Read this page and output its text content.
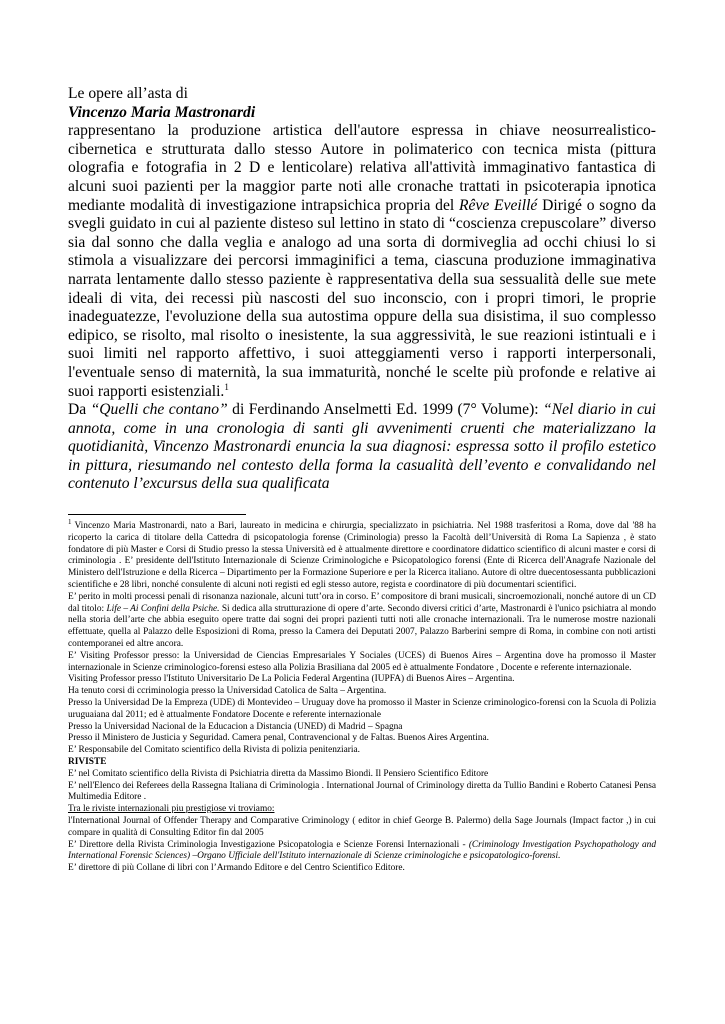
Le opere all’asta di

Vincenzo Maria Mastronardi

rappresentano la produzione artistica dell'autore espressa in chiave neosurrealistico-cibernetica e strutturata dallo stesso Autore in polimaterico con tecnica mista (pittura olografia e fotografia in 2 D e lenticolare) relativa all'attività immaginativo fantastica di alcuni suoi pazienti per la maggior parte noti alle cronache trattati in psicoterapia ipnotica mediante modalità di investigazione intrapsichica propria del Rêve Eveillé Dirigé o sogno da svegli guidato in cui al paziente disteso sul lettino in stato di “coscienza crepuscolare” diverso sia dal sonno che dalla veglia e analogo ad una sorta di dormiveglia ad occhi chiusi lo si stimola a visualizzare dei percorsi immaginifici a tema, ciascuna produzione immaginativa narrata lentamente dallo stesso paziente è rappresentativa della sua sessualità delle sue mete ideali di vita, dei recessi più nascosti del suo inconscio, con i propri timori, le proprie inadeguatezze, l'evoluzione della sua autostima oppure della sua disistima, il suo complesso edipico, se risolto, mal risolto o inesistente, la sua aggressività, le sue reazioni istintuali e i suoi limiti nel rapporto affettivo, i suoi atteggiamenti verso i rapporti interpersonali, l'eventuale senso di maternità, la sua immaturità, nonché le scelte più profonde e relative ai suoi rapporti esistenziali.$^1$

Da “Quelli che contano” di Ferdinando Anselmetti Ed. 1999 (7° Volume): “Nel diario in cui annota, come in una cronologia di santi gli avvenimenti cruenti che materializzano la quotidianità, Vincenzo Mastronardi enuncia la sua diagnosi: espressa sotto il profilo estetico in pittura, riesumando nel contesto della forma la casualità dell’evento e convalidando nel contenuto l’excursus della sua qualificata

$^1$ Vincenzo Maria Mastronardi, nato a Bari, laureato in medicina e chirurgia, specializzato in psichiatria. Nel 1988 trasferitosi a Roma, dove dal '88 ha ricoperto la carica di titolare della Cattedra di psicopatologia forense (Criminologia) presso la Facoltà dell’Università di Roma La Sapienza , è stato fondatore di più Master e Corsi di Studio presso la stessa Università ed è attualmente direttore e coordinatore didattico scientifico di alcuni master e corsi di criminologia . E’ presidente dell'Istituto Internazionale di Scienze Criminologiche e Psicopatologico forensi (Ente di Ricerca dell'Anagrafe Nazionale del Ministero dell'Istruzione e della Ricerca – Dipartimento per la Formazione Superiore e per la Ricerca italiano. Autore di oltre duecentosessanta pubblicazioni scientifiche e 28 libri, nonché consulente di alcuni noti registi ed egli stesso autore, regista e coordinatore di più documentari scientifici.

E’ perito in molti processi penali di risonanza nazionale, alcuni tutt’ora in corso. E’ compositore di brani musicali, sincroemozionali, nonché autore di un CD dal titolo: Life – Ai Confini della Psiche. Si dedica alla strutturazione di opere d’arte. Secondo diversi critici d’arte, Mastronardi è l'unico psichiatra al mondo nella storia dell’arte che abbia eseguito opere tratte dai sogni dei propri pazienti tutti noti alle cronache internazionali. Tra le numerose mostre nazionali effettuate, quella al Palazzo delle Esposizioni di Roma, presso la Camera dei Deputati 2007, Palazzo Barberini sempre di Roma, in combine con noti artisti contemporanei ed altre ancora.

E’ Visiting Professor presso: la Universidad de Ciencias Empresariales Y Sociales (UCES) di Buenos Aires – Argentina dove ha promosso il Master internazionale in Scienze criminologico-forensi esteso alla Polizia Brasiliana dal 2005 ed è attualmente Fondatore , Docente e referente internazionale.

Visiting Professor presso l'Istituto Universitario De La Policia Federal Argentina (IUPFA) di Buenos Aires – Argentina.

Ha tenuto corsi di ccriminologia presso la Universidad Catolica de Salta – Argentina.

Presso la Universidad De la Empreza (UDE) di Montevideo – Uruguay dove ha promosso il Master in Scienze criminologico-forensi con la Scuola di Polizia uruguaiana dal 2011; ed è attualmente Fondatore Docente e referente internazionale

Presso la Universidad Nacional de la Educacion a Distancia (UNED) di Madrid – Spagna

Presso il Ministero de Justicia y Seguridad. Camera penal, Contravencional y de Faltas. Buenos Aires Argentina.

E’ Responsabile del Comitato scientifico della Rivista di polizia penitenziaria.

RIVISTE

E’ nel Comitato scientifico della Rivista di Psichiatria diretta da Massimo Biondi. Il Pensiero Scientifico Editore

E’ nell'Elenco dei Referees della Rassegna Italiana di Criminologia . International Journal of Criminology diretta da Tullio Bandini e Roberto Catanesi Pensa Multimedia Editore .

Tra le riviste internazionali piu prestigiose vi troviamo:

l'International Journal of Offender Therapy and Comparative Criminology ( editor in chief George B. Palermo) della Sage Journals (Impact factor ,) in cui compare in qualità di Consulting Editor fin dal 2005

E’ Direttore della Rivista Criminologia Investigazione Psicopatologia e Scienze Forensi Internazionali - (Criminology Investigation Psychopathology and International Forensic Sciences) –Organo Ufficiale dell'Istituto internazionale di Scienze criminologiche e psicopatologico-forensi.

E’ direttore di più Collane di libri con l’Armando Editore e del Centro Scientifico Editore.
